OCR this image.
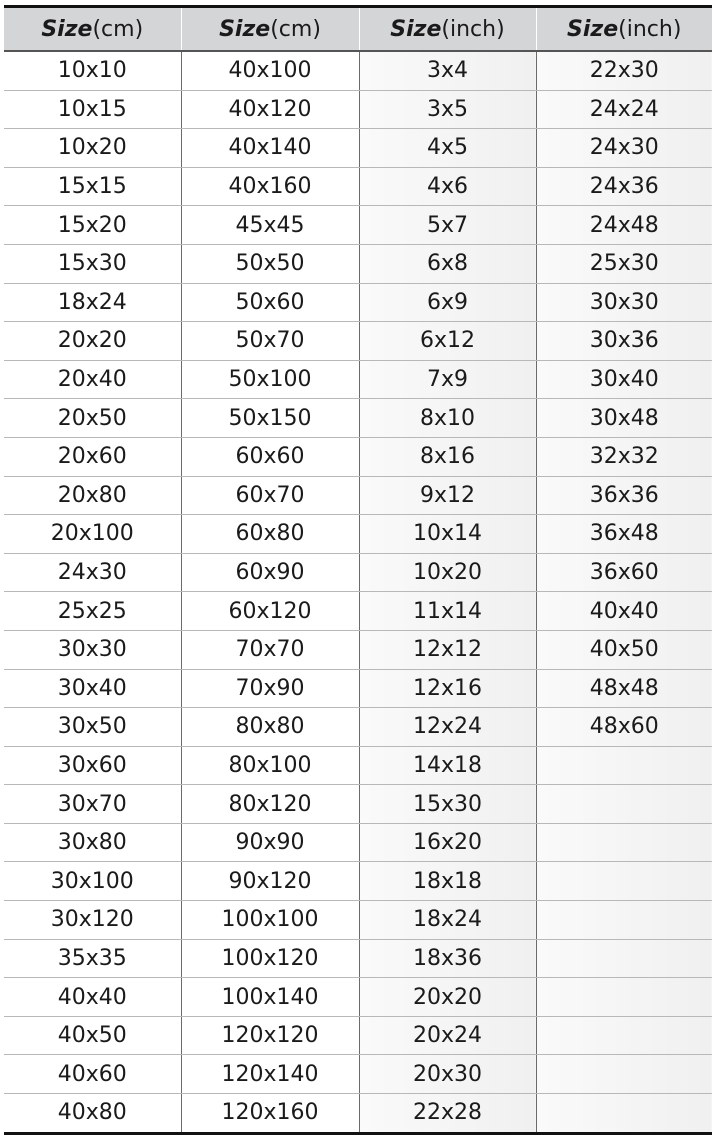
Size(cm)	Size(cm)	Size(inch)	Size(inch)
10x10	40x100	3x4	22x30
10x15	40x120	3x5	24x24
10x20	40x140	4x5	24x30
15x15	40x160	4x6	24x36
15x20	45x45	5x7	24x48
15x30	50x50	6x8	25x30
18x24	50x60	6x9	30x30
20x20	50x70	6x12	30x36
20x40	50x100	7x9	30x40
20x50	50x150	8x10	30x48
20x60	60x60	8x16	32x32
20x80	60x70	9x12	36x36
20x100	60x80	10x14	36x48
24x30	60x90	10x20	36x60
25x25	60x120	11x14	40x40
30x30	70x70	12x12	40x50
30x40	70x90	12x16	48x48
30x50	80x80	12x24	48x60
30x60	80x100	14x18	
30x70	80x120	15x30	
30x80	90x90	16x20	
30x100	90x120	18x18	
30x120	100x100	18x24	
35x35	100x120	18x36	
40x40	100x140	20x20	
40x50	120x120	20x24	
40x60	120x140	20x30	
40x80	120x160	22x28	
